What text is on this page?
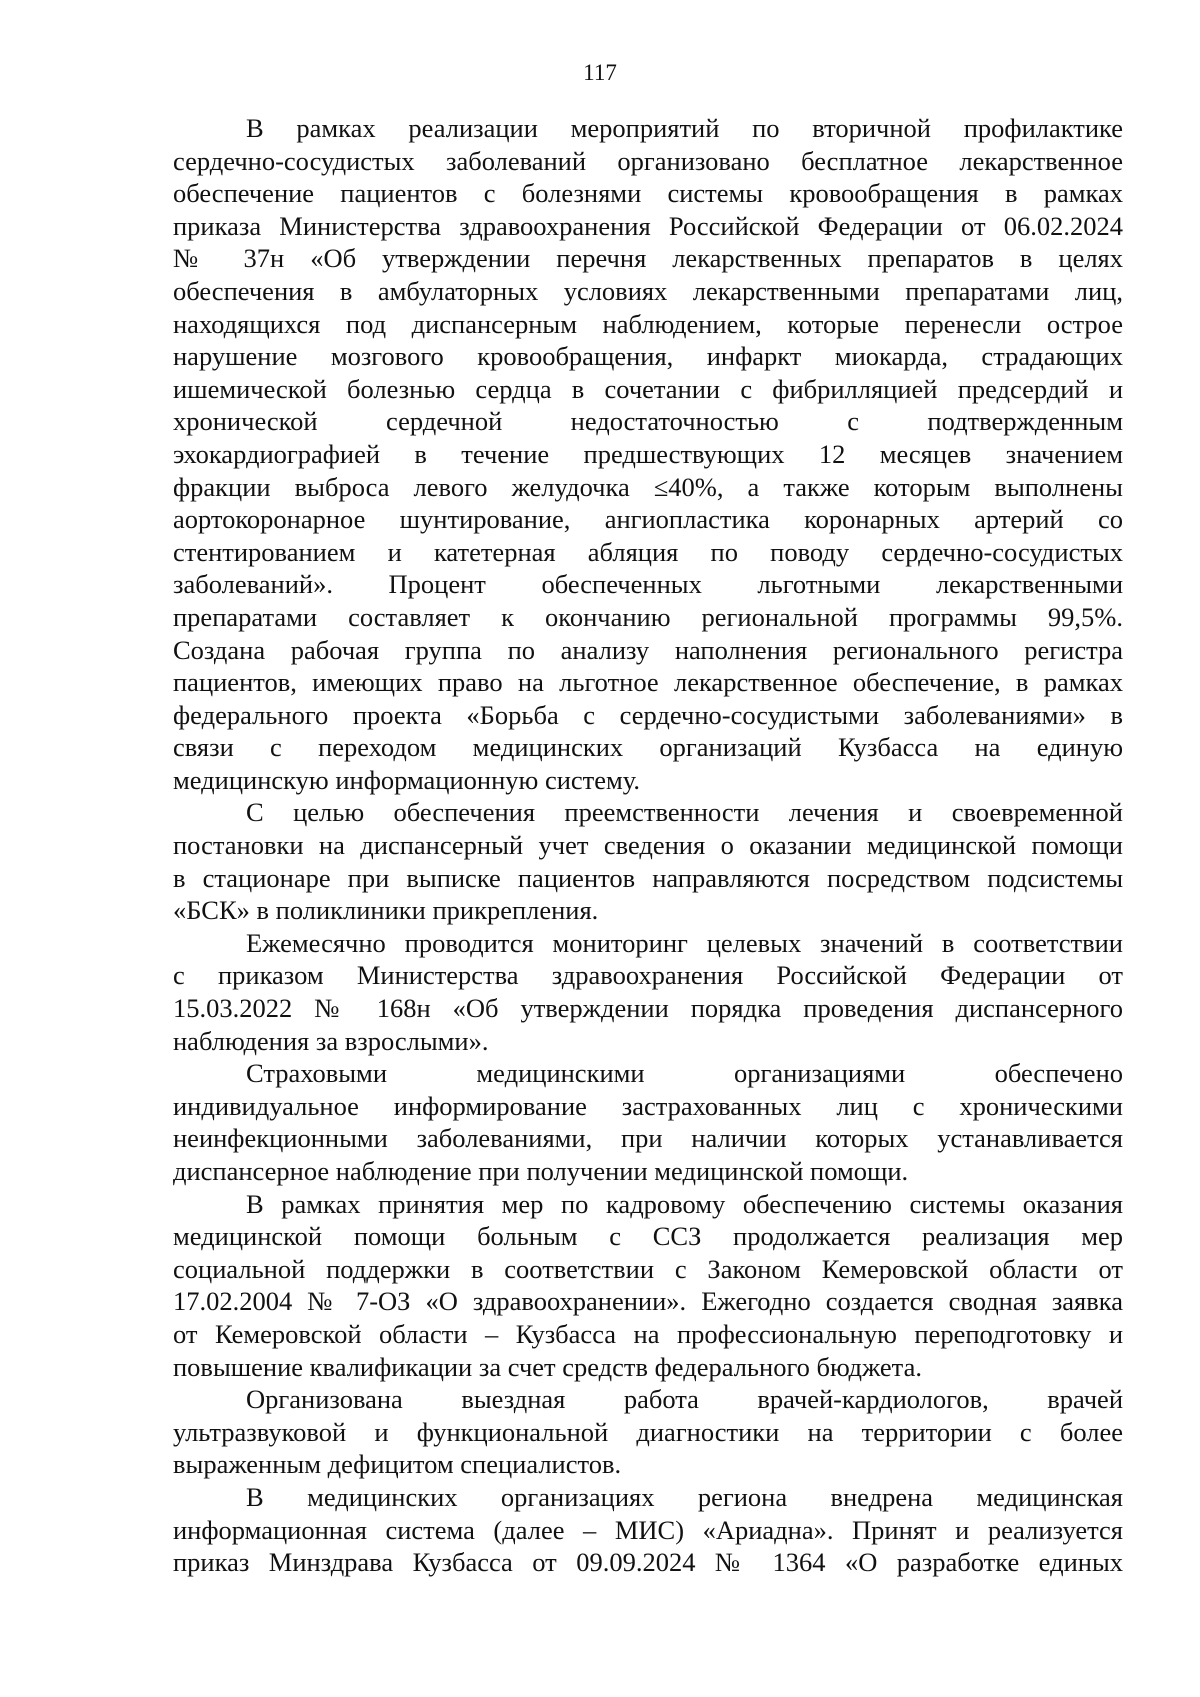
117
В рамках реализации мероприятий по вторичной профилактике
сердечно-сосудистых заболеваний организовано бесплатное лекарственное
обеспечение пациентов с болезнями системы кровообращения в рамках
приказа Министерства здравоохранения Российской Федерации от 06.02.2024
№ 37н «Об утверждении перечня лекарственных препаратов в целях
обеспечения в амбулаторных условиях лекарственными препаратами лиц,
находящихся под диспансерным наблюдением, которые перенесли острое
нарушение мозгового кровообращения, инфаркт миокарда, страдающих
ишемической болезнью сердца в сочетании с фибрилляцией предсердий и
хронической сердечной недостаточностью с подтвержденным
эхокардиографией в течение предшествующих 12 месяцев значением
фракции выброса левого желудочка ≤40%, а также которым выполнены
аортокоронарное шунтирование, ангиопластика коронарных артерий со
стентированием и катетерная абляция по поводу сердечно-сосудистых
заболеваний». Процент обеспеченных льготными лекарственными
препаратами составляет к окончанию региональной программы 99,5%.
Создана рабочая группа по анализу наполнения регионального регистра
пациентов, имеющих право на льготное лекарственное обеспечение, в рамках
федерального проекта «Борьба с сердечно-сосудистыми заболеваниями» в
связи с переходом медицинских организаций Кузбасса на единую
медицинскую информационную систему.
С целью обеспечения преемственности лечения и своевременной
постановки на диспансерный учет сведения о оказании медицинской помощи
в стационаре при выписке пациентов направляются посредством подсистемы
«БСК» в поликлиники прикрепления.
Ежемесячно проводится мониторинг целевых значений в соответствии
с приказом Министерства здравоохранения Российской Федерации от
15.03.2022 № 168н «Об утверждении порядка проведения диспансерного
наблюдения за взрослыми».
Страховыми медицинскими организациями обеспечено
индивидуальное информирование застрахованных лиц с хроническими
неинфекционными заболеваниями, при наличии которых устанавливается
диспансерное наблюдение при получении медицинской помощи.
В рамках принятия мер по кадровому обеспечению системы оказания
медицинской помощи больным с ССЗ продолжается реализация мер
социальной поддержки в соответствии с Законом Кемеровской области от
17.02.2004 № 7-ОЗ «О здравоохранении». Ежегодно создается сводная заявка
от Кемеровской области – Кузбасса на профессиональную переподготовку и
повышение квалификации за счет средств федерального бюджета.
Организована выездная работа врачей-кардиологов, врачей
ультразвуковой и функциональной диагностики на территории с более
выраженным дефицитом специалистов.
В медицинских организациях региона внедрена медицинская
информационная система (далее – МИС) «Ариадна». Принят и реализуется
приказ Минздрава Кузбасса от 09.09.2024 № 1364 «О разработке единых
